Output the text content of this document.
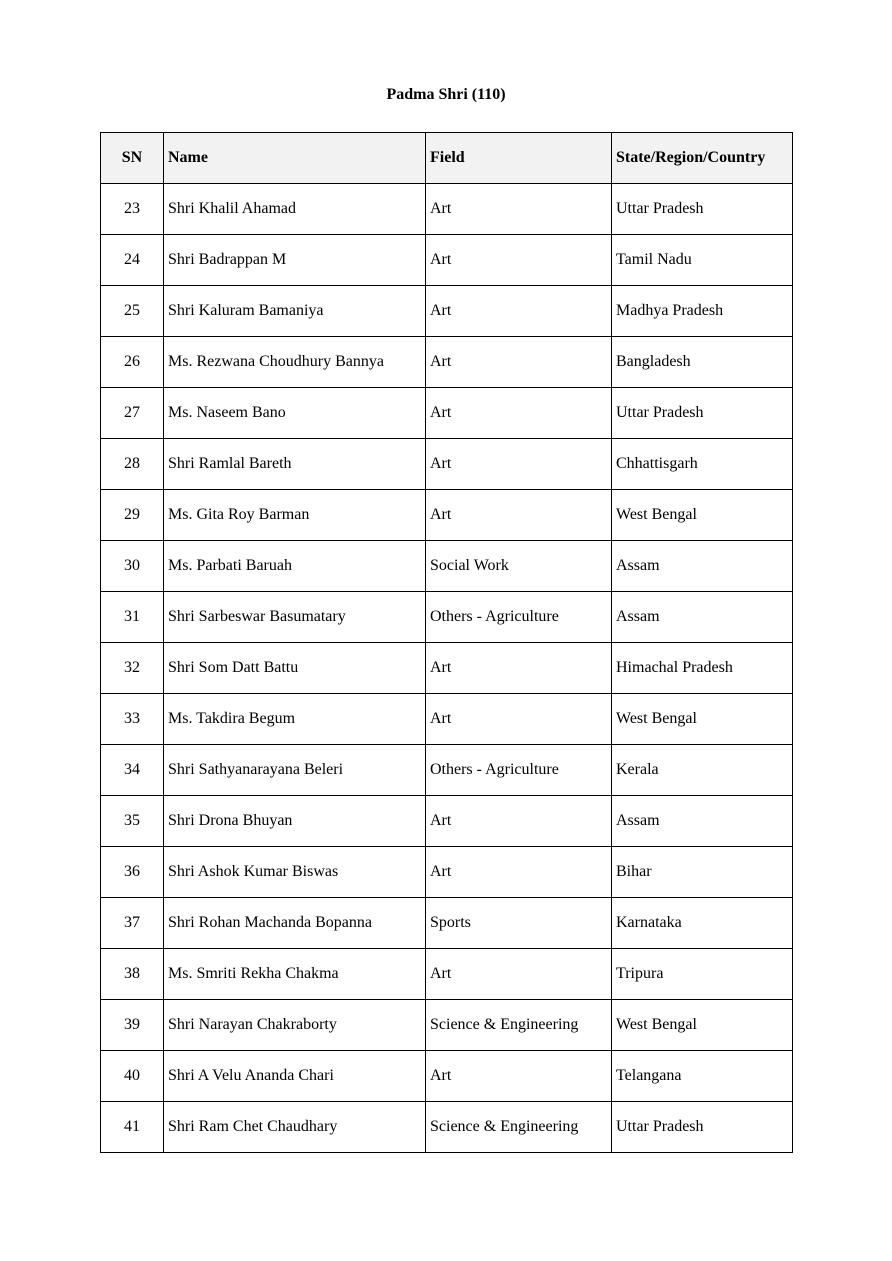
Padma Shri (110)
SN	Name	Field	State/Region/Country
23	Shri Khalil Ahamad	Art	Uttar Pradesh
24	Shri Badrappan M	Art	Tamil Nadu
25	Shri Kaluram Bamaniya	Art	Madhya Pradesh
26	Ms. Rezwana Choudhury Bannya	Art	Bangladesh
27	Ms. Naseem Bano	Art	Uttar Pradesh
28	Shri Ramlal Bareth	Art	Chhattisgarh
29	Ms. Gita Roy Barman	Art	West Bengal
30	Ms. Parbati Baruah	Social Work	Assam
31	Shri Sarbeswar Basumatary	Others - Agriculture	Assam
32	Shri Som Datt Battu	Art	Himachal Pradesh
33	Ms. Takdira Begum	Art	West Bengal
34	Shri Sathyanarayana Beleri	Others - Agriculture	Kerala
35	Shri Drona Bhuyan	Art	Assam
36	Shri Ashok Kumar Biswas	Art	Bihar
37	Shri Rohan Machanda Bopanna	Sports	Karnataka
38	Ms. Smriti Rekha Chakma	Art	Tripura
39	Shri Narayan Chakraborty	Science & Engineering	West Bengal
40	Shri A Velu Ananda Chari	Art	Telangana
41	Shri Ram Chet Chaudhary	Science & Engineering	Uttar Pradesh
